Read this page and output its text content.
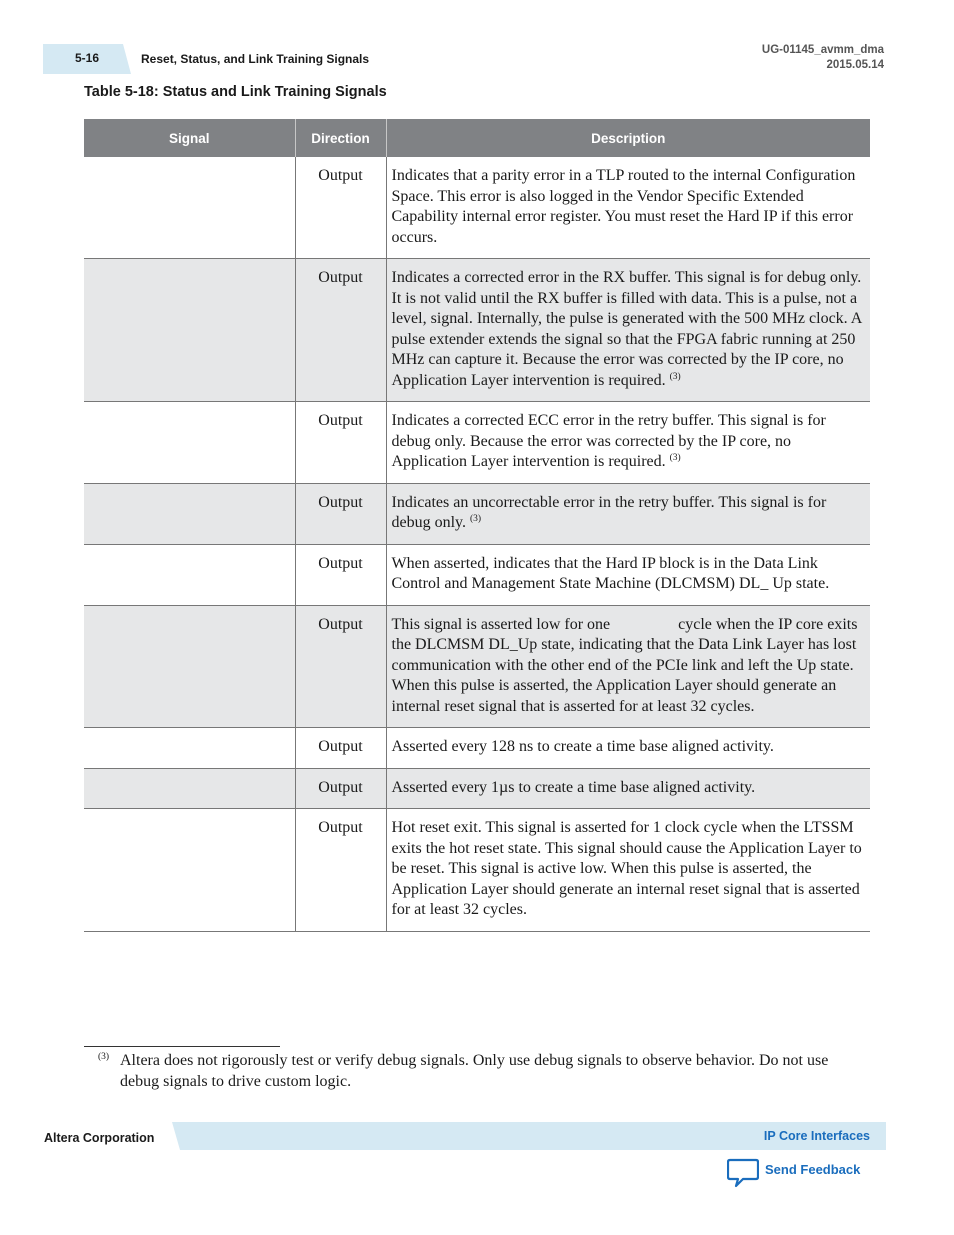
5-16	Reset, Status, and Link Training Signals
UG-01145_avmm_dma
2015.05.14
Table 5-18: Status and Link Training Signals
Signal	Direction	Description
	Output	Indicates that a parity error in a TLP routed to the internal Configuration Space. This error is also logged in the Vendor Specific Extended Capability internal error register. You must reset the Hard IP if this error occurs.
	Output	Indicates a corrected error in the RX buffer. This signal is for debug only. It is not valid until the RX buffer is filled with data. This is a pulse, not a level, signal. Internally, the pulse is generated with the 500 MHz clock. A pulse extender extends the signal so that the FPGA fabric running at 250 MHz can capture it. Because the error was corrected by the IP core, no Application Layer intervention is required. $^{(3)}$
	Output	Indicates a corrected ECC error in the retry buffer. This signal is for debug only. Because the error was corrected by the IP core, no Application Layer intervention is required. $^{(3)}$
	Output	Indicates an uncorrectable error in the retry buffer. This signal is for debug only. $^{(3)}$
	Output	When asserted, indicates that the Hard IP block is in the Data Link Control and Management State Machine (DLCMSM) DL_ Up state.
	Output	This signal is asserted low for one                 cycle when the IP core exits the DLCMSM DL_Up state, indicating that the Data Link Layer has lost communication with the other end of the PCIe link and left the Up state. When this pulse is asserted, the Application Layer should generate an internal reset signal that is asserted for at least 32 cycles.
	Output	Asserted every 128 ns to create a time base aligned activity.
	Output	Asserted every 1µs to create a time base aligned activity.
	Output	Hot reset exit. This signal is asserted for 1 clock cycle when the LTSSM exits the hot reset state. This signal should cause the Application Layer to be reset. This signal is active low. When this pulse is asserted, the Application Layer should generate an internal reset signal that is asserted for at least 32 cycles.
(3) Altera does not rigorously test or verify debug signals. Only use debug signals to observe behavior. Do not use debug signals to drive custom logic.
Altera Corporation	IP Core Interfaces
Send Feedback
